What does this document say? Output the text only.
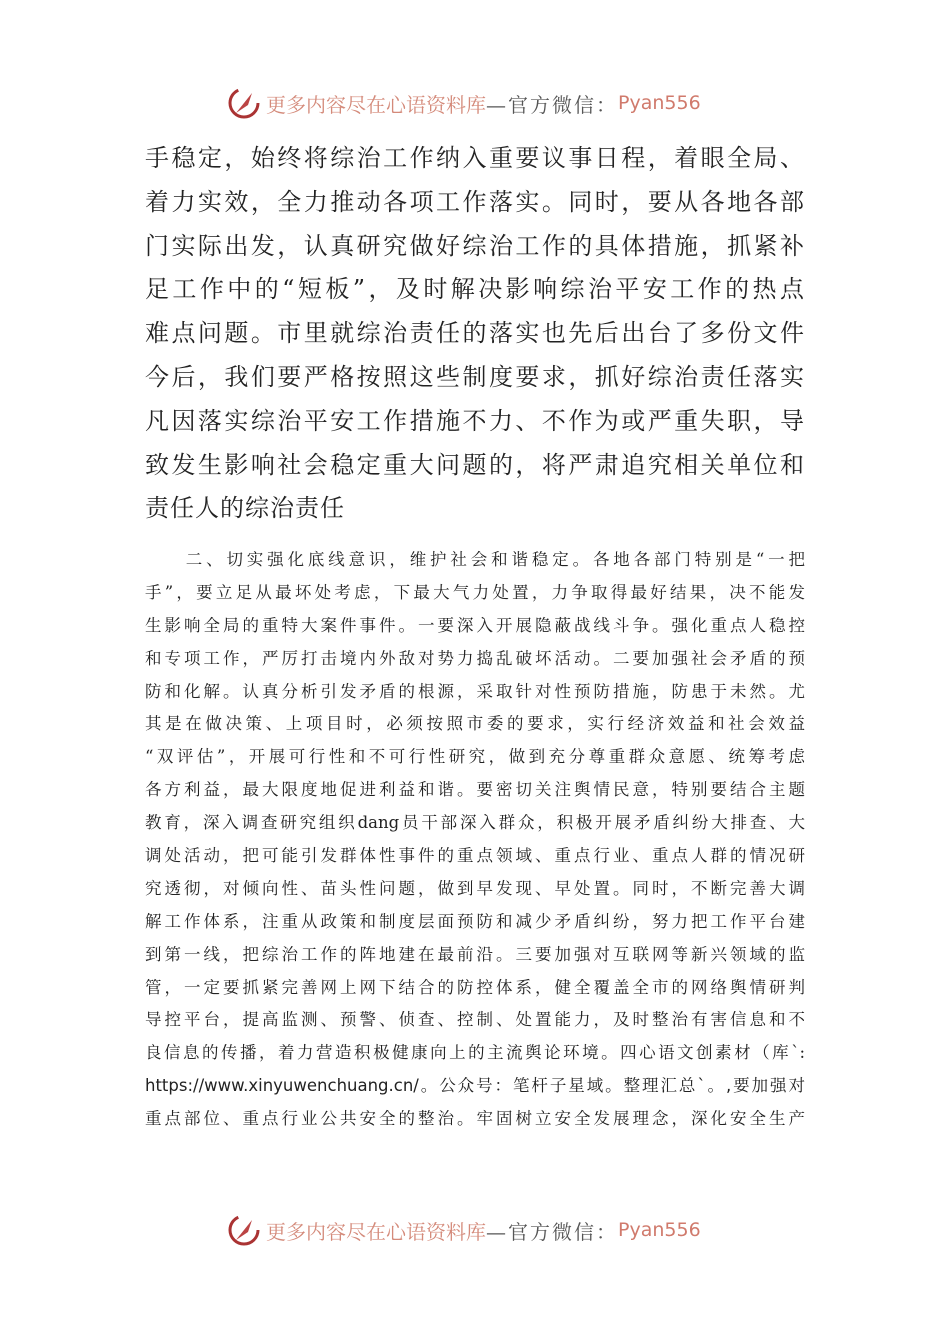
更多内容尽在心语资料库 —官方微信： Pyan556
手稳定，始终将综治工作纳入重要议事日程，着眼全局、
着力实效，全力推动各项工作落实。同时，要从各地各部
门实际出发，认真研究做好综治工作的具体措施，抓紧补
足工作中的“短板”，及时解决影响综治平安工作的热点
难点问题。市里就综治责任的落实也先后出台了多份文件
今后，我们要严格按照这些制度要求，抓好综治责任落实
凡因落实综治平安工作措施不力、不作为或严重失职，导
致发生影响社会稳定重大问题的，将严肃追究相关单位和
责任人的综治责任
　　二、切实强化底线意识，维护社会和谐稳定。各地各部门特别是“一把
手”，要立足从最坏处考虑，下最大气力处置，力争取得最好结果，决不能发
生影响全局的重特大案件事件。一要深入开展隐蔽战线斗争。强化重点人稳控
和专项工作，严厉打击境内外敌对势力捣乱破坏活动。二要加强社会矛盾的预
防和化解。认真分析引发矛盾的根源，采取针对性预防措施，防患于未然。尤
其是在做决策、上项目时，必须按照市委的要求，实行经济效益和社会效益
“双评估”，开展可行性和不可行性研究，做到充分尊重群众意愿、统筹考虑
各方利益，最大限度地促进利益和谐。要密切关注舆情民意，特别要结合主题
教育，深入调查研究组织dang员干部深入群众，积极开展矛盾纠纷大排查、大
调处活动，把可能引发群体性事件的重点领域、重点行业、重点人群的情况研
究透彻，对倾向性、苗头性问题，做到早发现、早处置。同时，不断完善大调
解工作体系，注重从政策和制度层面预防和减少矛盾纠纷，努力把工作平台建
到第一线，把综治工作的阵地建在最前沿。三要加强对互联网等新兴领域的监
管，一定要抓紧完善网上网下结合的防控体系，健全覆盖全市的网络舆情研判
导控平台，提高监测、预警、侦查、控制、处置能力，及时整治有害信息和不
良信息的传播，着力营造积极健康向上的主流舆论环境。四心语文创素材（库`:
https://www.xinyuwenchuang.cn/。公众号：笔杆子星域。整理汇总`。,要加强对
重点部位、重点行业公共安全的整治。牢固树立安全发展理念，深化安全生产
更多内容尽在心语资料库 —官方微信： Pyan556
